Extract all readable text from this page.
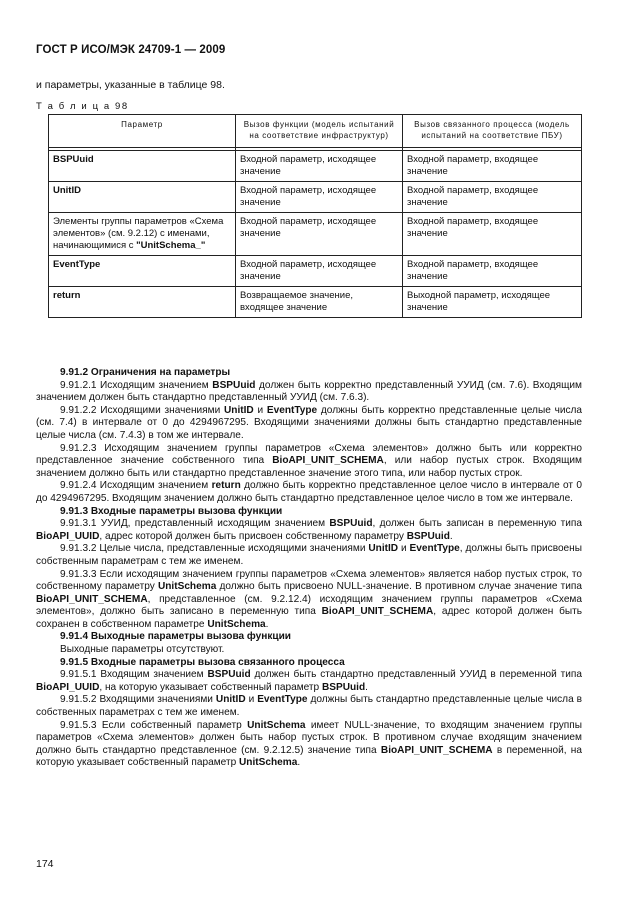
ГОСТ Р ИСО/МЭК 24709-1 — 2009
и параметры, указанные в таблице 98.
Т а б л и ц а 98
Параметр	Вызов функции (модель испытаний на соответствие инфраструктур)	Вызов связанного процесса (модель испытаний на соответствие ПБУ)

BSPUuid	Входной параметр, исходящее значение	Входной параметр, входящее значение
UnitID	Входной параметр, исходящее значение	Входной параметр, входящее значение
Элементы группы параметров «Схема элементов» (см. 9.2.12) с именами, начинающимися с "UnitSchema_"	Входной параметр, исходящее значение	Входной параметр, входящее значение
EventType	Входной параметр, исходящее значение	Входной параметр, входящее значение
return	Возвращаемое значение, входящее значение	Выходной параметр, исходящее значение

9.91.2 Ограничения на параметры

9.91.2.1 Исходящим значением BSPUuid должен быть корректно представленный УУИД (см. 7.6). Входящим значением должен быть стандартно представленный УУИД (см. 7.6.3).

9.91.2.2 Исходящими значениями UnitID и EventType должны быть корректно представленные целые числа (см. 7.4) в интервале от 0 до 4294967295. Входящими значениями должны быть стандартно представленные целые числа (см. 7.4.3) в том же интервале.

9.91.2.3 Исходящим значением группы параметров «Схема элементов» должно быть или корректно представленное значение собственного типа BioAPI_UNIT_SCHEMA, или набор пустых строк. Входящим значением должно быть или стандартно представленное значение этого типа, или набор пустых строк.

9.91.2.4 Исходящим значением return должно быть корректно представленное целое число в интервале от 0 до 4294967295. Входящим значением должно быть стандартно представленное целое число в том же интервале.

9.91.3 Входные параметры вызова функции

9.91.3.1 УУИД, представленный исходящим значением BSPUuid, должен быть записан в переменную типа BioAPI_UUID, адрес которой должен быть присвоен собственному параметру BSPUuid.

9.91.3.2 Целые числа, представленные исходящими значениями UnitID и EventType, должны быть присвоены собственным параметрам с тем же именем.

9.91.3.3 Если исходящим значением группы параметров «Схема элементов» является набор пустых строк, то собственному параметру UnitSchema должно быть присвоено NULL-значение. В противном случае значение типа BioAPI_UNIT_SCHEMA, представленное (см. 9.2.12.4) исходящим значением группы параметров «Схема элементов», должно быть записано в переменную типа BioAPI_UNIT_SCHEMA, адрес которой должен быть сохранен в собственном параметре UnitSchema.

9.91.4 Выходные параметры вызова функции

Выходные параметры отсутствуют.

9.91.5 Входные параметры вызова связанного процесса

9.91.5.1 Входящим значением BSPUuid должен быть стандартно представленный УУИД в переменной типа BioAPI_UUID, на которую указывает собственный параметр BSPUuid.

9.91.5.2 Входящими значениями UnitID и EventType должны быть стандартно представленные целые числа в собственных параметрах с тем же именем.

9.91.5.3 Если собственный параметр UnitSchema имеет NULL-значение, то входящим значением группы параметров «Схема элементов» должен быть набор пустых строк. В противном случае входящим значением должно быть стандартно представленное (см. 9.2.12.5) значение типа BioAPI_UNIT_SCHEMA в переменной, на которую указывает собственный параметр UnitSchema.

174
